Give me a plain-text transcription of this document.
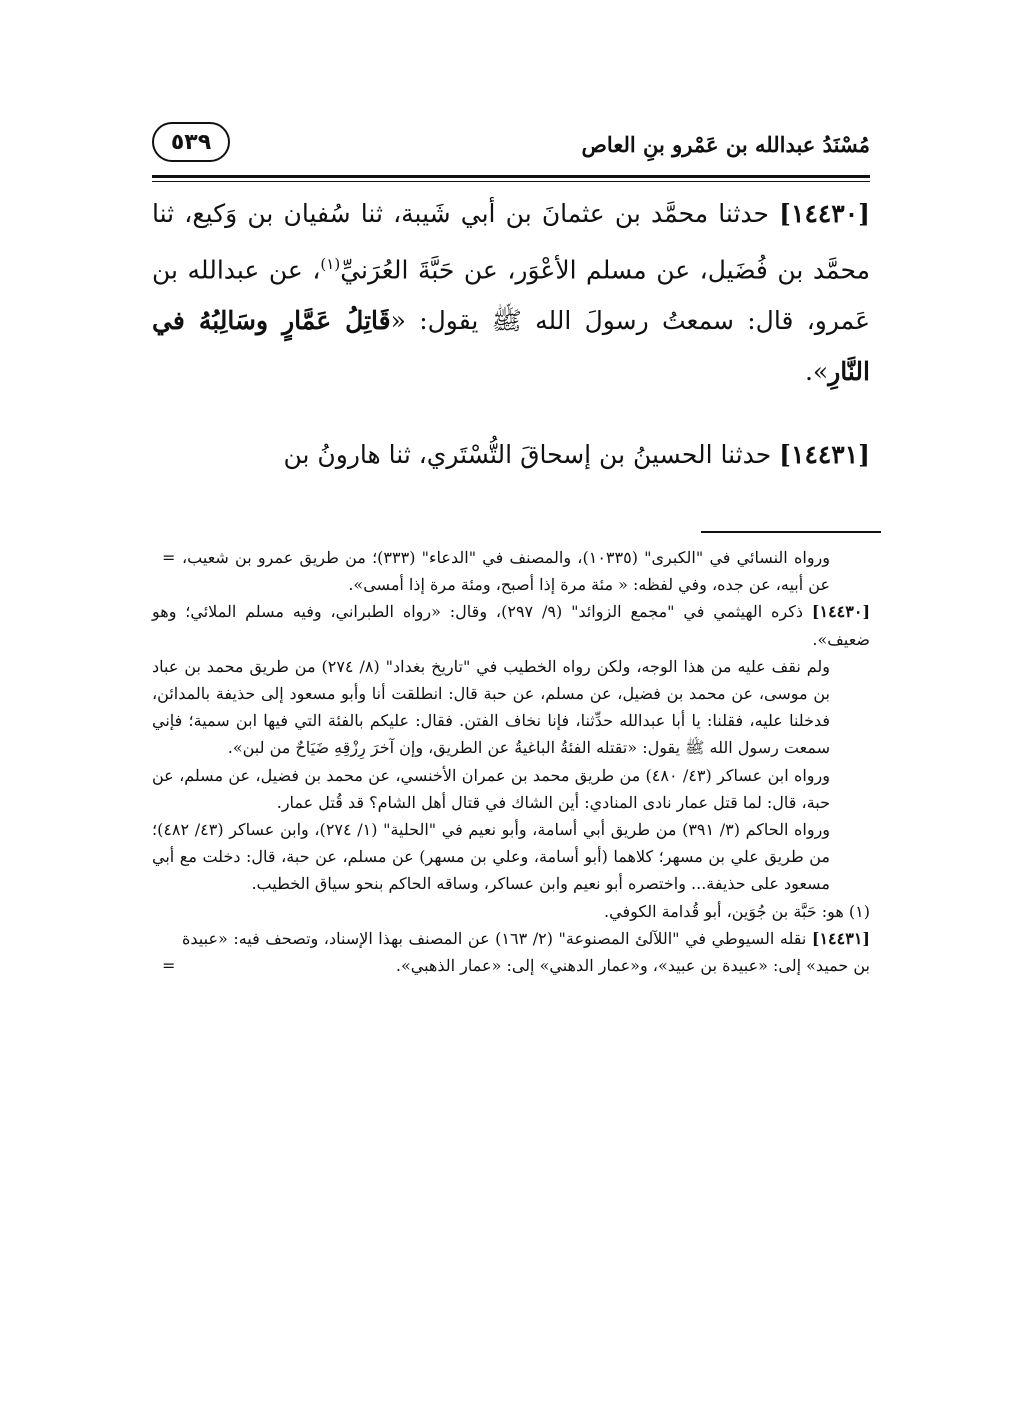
٥٣٩	مُسْنَدُ عبدالله بن عَمْرو بنِ العاص

[١٤٤٣٠] حدثنا محمَّد بن عثمانَ بن أبي شَيبة، ثنا سُفيان بن وَكيع، ثنا محمَّد بن فُضَيل، عن مسلم الأعْوَر، عن حَبَّةَ العُرَنيِّ$^{(١)}$، عن عبدالله بن عَمرو، قال: سمعتُ رسولَ الله ﷺ يقول: «قَاتِلُ عَمَّارٍ وسَالِبُهُ في النَّارِ».

[١٤٤٣١] حدثنا الحسينُ بن إسحاقَ التُّسْتَري، ثنا هارونُ بن

= ورواه النسائي في "الكبرى" (١٠٣٣٥)، والمصنف في "الدعاء" (٣٣٣)؛ من طريق عمرو بن شعيب، عن أبيه، عن جده، وفي لفظه: « مئة مرة إذا أصبح، ومئة مرة إذا أمسى».
[١٤٤٣٠] ذكره الهيثمي في "مجمع الزوائد" (٩/ ٢٩٧)، وقال: «رواه الطبراني، وفيه مسلم الملائي؛ وهو ضعيف».
ولم نقف عليه من هذا الوجه، ولكن رواه الخطيب في "تاريخ بغداد" (٨/ ٢٧٤) من طريق محمد بن عباد بن موسى، عن محمد بن فضيل، عن مسلم، عن حبة قال: انطلقت أنا وأبو مسعود إلى حذيفة بالمدائن، فدخلنا عليه، فقلنا: يا أبا عبدالله حدِّثنا، فإنا نخاف الفتن. فقال: عليكم بالفئة التي فيها ابن سمية؛ فإني سمعت رسول الله ﷺ يقول: «تقتله الفئةُ الباغيةُ عن الطريق، وإن آخرَ رِزْقِهِ ضَيَاحٌ من لبن».
ورواه ابن عساكر (٤٣/ ٤٨٠) من طريق محمد بن عمران الأخنسي، عن محمد بن فضيل، عن مسلم، عن حبة، قال: لما قتل عمار نادى المنادي: أين الشاك في قتال أهل الشام؟ قد قُتل عمار.
ورواه الحاكم (٣/ ٣٩١) من طريق أبي أسامة، وأبو نعيم في "الحلية" (١/ ٢٧٤)، وابن عساكر (٤٣/ ٤٨٢)؛ من طريق علي بن مسهر؛ كلاهما (أبو أسامة، وعلي بن مسهر) عن مسلم، عن حبة، قال: دخلت مع أبي مسعود على حذيفة... واختصره أبو نعيم وابن عساكر، وساقه الحاكم بنحو سياق الخطيب.
(١) هو: حَبَّة بن جُوَين، أبو قُدامة الكوفي.
[١٤٤٣١] نقله السيوطي في "اللآلئ المصنوعة" (٢/ ١٦٣) عن المصنف بهذا الإسناد، وتصحف فيه: «عبيدة بن حميد» إلى: «عبيدة بن عبيد»، و«عمار الدهني» إلى: «عمار الذهبي».
=
